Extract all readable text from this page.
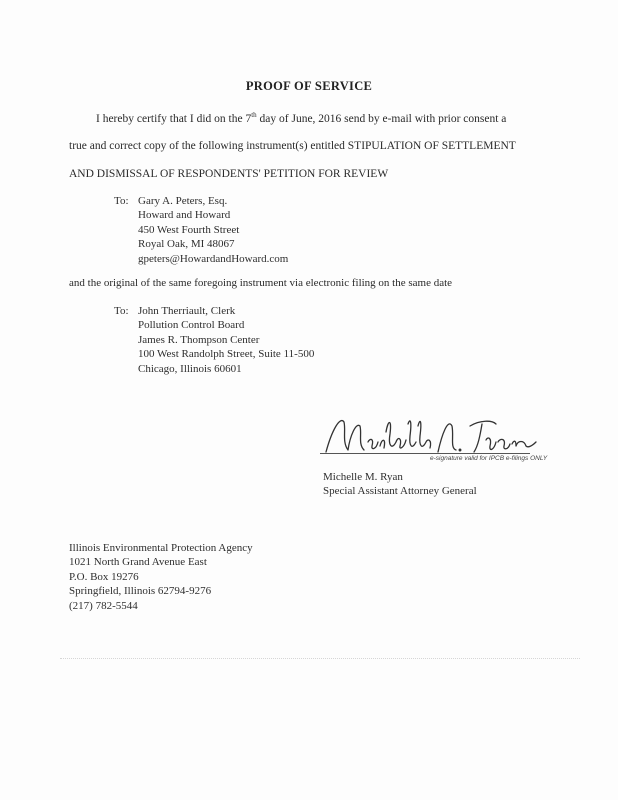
PROOF OF SERVICE
I hereby certify that I did on the 7th day of June, 2016 send by e-mail with prior consent a
true and correct copy of the following instrument(s) entitled STIPULATION OF SETTLEMENT
AND DISMISSAL OF RESPONDENTS' PETITION FOR REVIEW
To: Gary A. Peters, Esq.
Howard and Howard
450 West Fourth Street
Royal Oak, MI 48067
gpeters@HowardandHoward.com
and the original of the same foregoing instrument via electronic filing on the same date
To: John Therriault, Clerk
Pollution Control Board
James R. Thompson Center
100 West Randolph Street, Suite 11-500
Chicago, Illinois 60601
e-signature valid for IPCB e-filings ONLY
Michelle M. Ryan
Special Assistant Attorney General
Illinois Environmental Protection Agency
1021 North Grand Avenue East
P.O. Box 19276
Springfield, Illinois 62794-9276
(217) 782-5544
